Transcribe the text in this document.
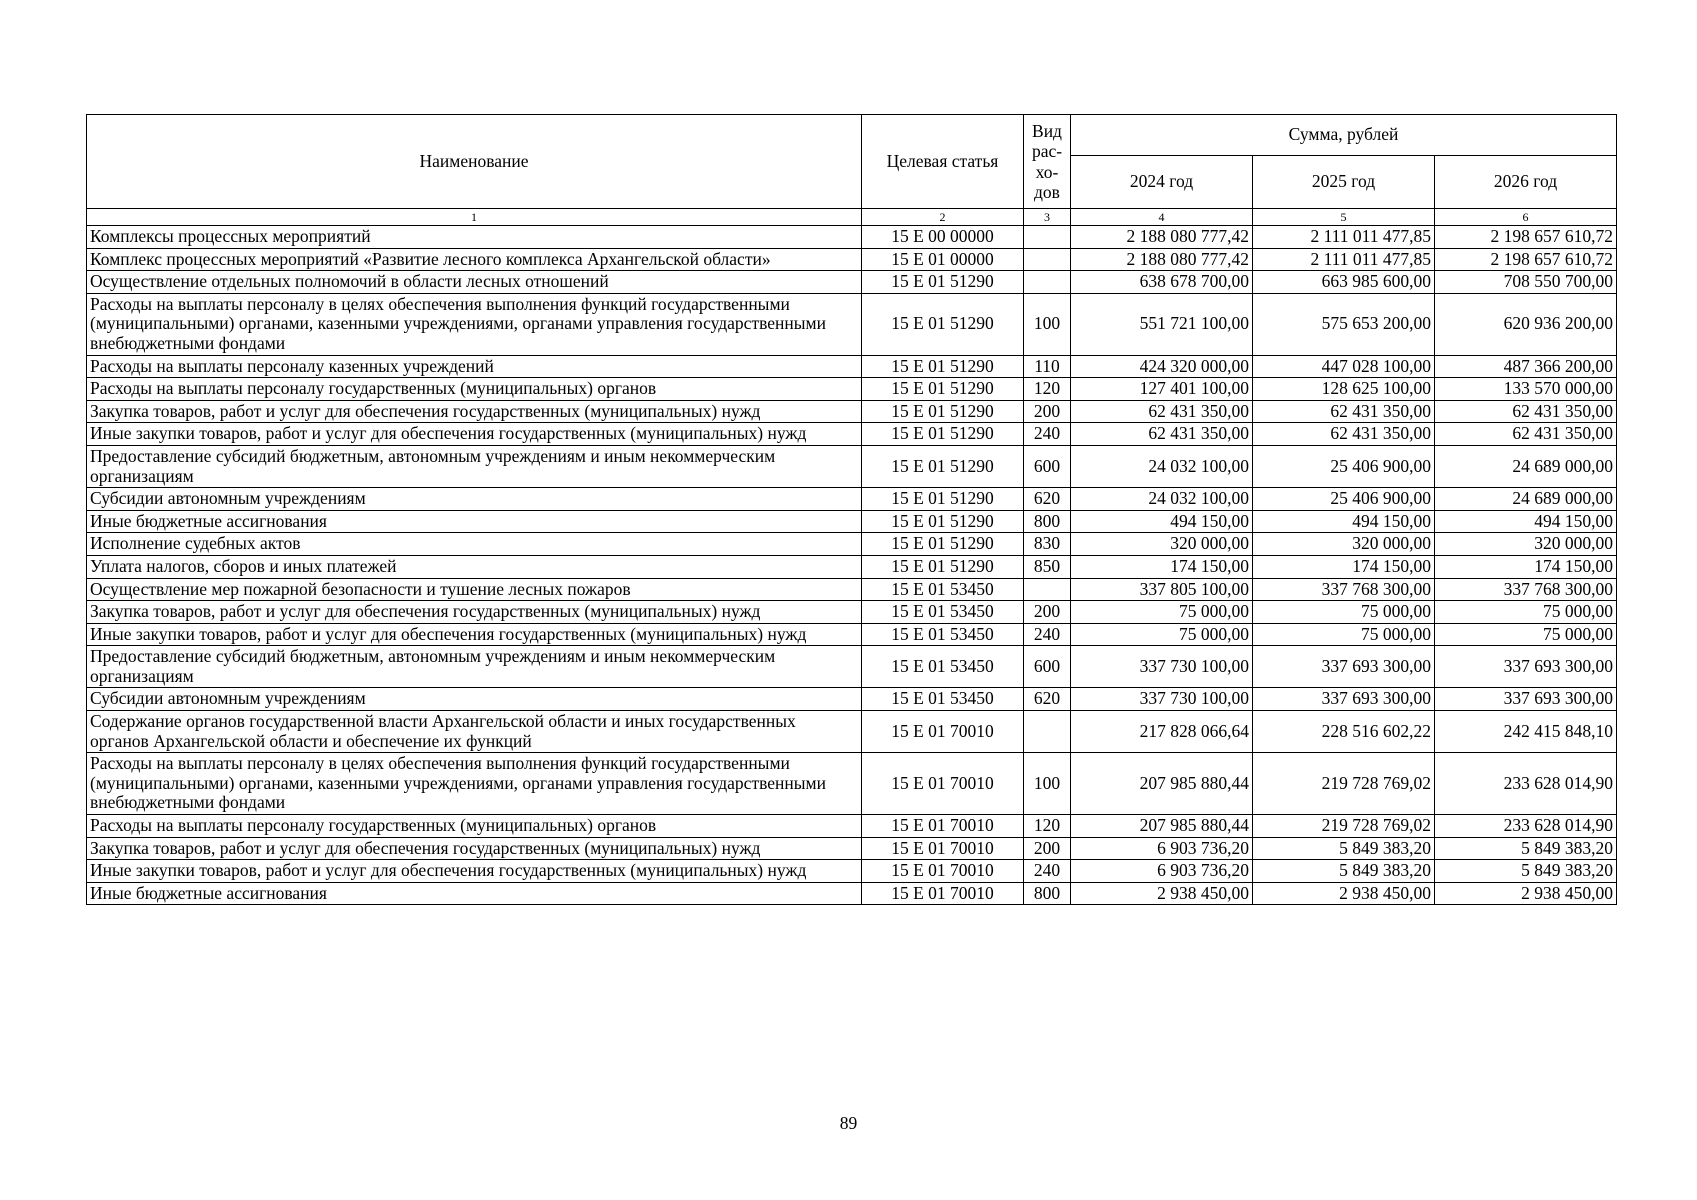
Наименование	Целевая статья	Вид рас-хо-дов	Сумма, рублей		
			2024 год	2025 год	2026 год
1	2	3	4	5	6
Комплексы процессных мероприятий	15 Е 00 00000		2 188 080 777,42	2 111 011 477,85	2 198 657 610,72
Комплекс процессных мероприятий «Развитие лесного комплекса Архангельской области»	15 Е 01 00000		2 188 080 777,42	2 111 011 477,85	2 198 657 610,72
Осуществление отдельных полномочий в области лесных отношений	15 Е 01 51290		638 678 700,00	663 985 600,00	708 550 700,00
Расходы на выплаты персоналу в целях обеспечения выполнения функций государственными (муниципальными) органами, казенными учреждениями, органами управления государственными внебюджетными фондами	15 Е 01 51290	100	551 721 100,00	575 653 200,00	620 936 200,00
Расходы на выплаты персоналу казенных учреждений	15 Е 01 51290	110	424 320 000,00	447 028 100,00	487 366 200,00
Расходы на выплаты персоналу государственных (муниципальных) органов	15 Е 01 51290	120	127 401 100,00	128 625 100,00	133 570 000,00
Закупка товаров, работ и услуг для обеспечения государственных (муниципальных) нужд	15 Е 01 51290	200	62 431 350,00	62 431 350,00	62 431 350,00
Иные закупки товаров, работ и услуг для обеспечения государственных (муниципальных) нужд	15 Е 01 51290	240	62 431 350,00	62 431 350,00	62 431 350,00
Предоставление субсидий бюджетным, автономным учреждениям и иным некоммерческим организациям	15 Е 01 51290	600	24 032 100,00	25 406 900,00	24 689 000,00
Субсидии автономным учреждениям	15 Е 01 51290	620	24 032 100,00	25 406 900,00	24 689 000,00
Иные бюджетные ассигнования	15 Е 01 51290	800	494 150,00	494 150,00	494 150,00
Исполнение судебных актов	15 Е 01 51290	830	320 000,00	320 000,00	320 000,00
Уплата налогов, сборов и иных платежей	15 Е 01 51290	850	174 150,00	174 150,00	174 150,00
Осуществление мер пожарной безопасности и тушение лесных пожаров	15 Е 01 53450		337 805 100,00	337 768 300,00	337 768 300,00
Закупка товаров, работ и услуг для обеспечения государственных (муниципальных) нужд	15 Е 01 53450	200	75 000,00	75 000,00	75 000,00
Иные закупки товаров, работ и услуг для обеспечения государственных (муниципальных) нужд	15 Е 01 53450	240	75 000,00	75 000,00	75 000,00
Предоставление субсидий бюджетным, автономным учреждениям и иным некоммерческим организациям	15 Е 01 53450	600	337 730 100,00	337 693 300,00	337 693 300,00
Субсидии автономным учреждениям	15 Е 01 53450	620	337 730 100,00	337 693 300,00	337 693 300,00
Содержание органов государственной власти Архангельской области и иных государственных органов Архангельской области и обеспечение их функций	15 Е 01 70010		217 828 066,64	228 516 602,22	242 415 848,10
Расходы на выплаты персоналу в целях обеспечения выполнения функций государственными (муниципальными) органами, казенными учреждениями, органами управления государственными внебюджетными фондами	15 Е 01 70010	100	207 985 880,44	219 728 769,02	233 628 014,90
Расходы на выплаты персоналу государственных (муниципальных) органов	15 Е 01 70010	120	207 985 880,44	219 728 769,02	233 628 014,90
Закупка товаров, работ и услуг для обеспечения государственных (муниципальных) нужд	15 Е 01 70010	200	6 903 736,20	5 849 383,20	5 849 383,20
Иные закупки товаров, работ и услуг для обеспечения государственных (муниципальных) нужд	15 Е 01 70010	240	6 903 736,20	5 849 383,20	5 849 383,20
Иные бюджетные ассигнования	15 Е 01 70010	800	2 938 450,00	2 938 450,00	2 938 450,00
89
